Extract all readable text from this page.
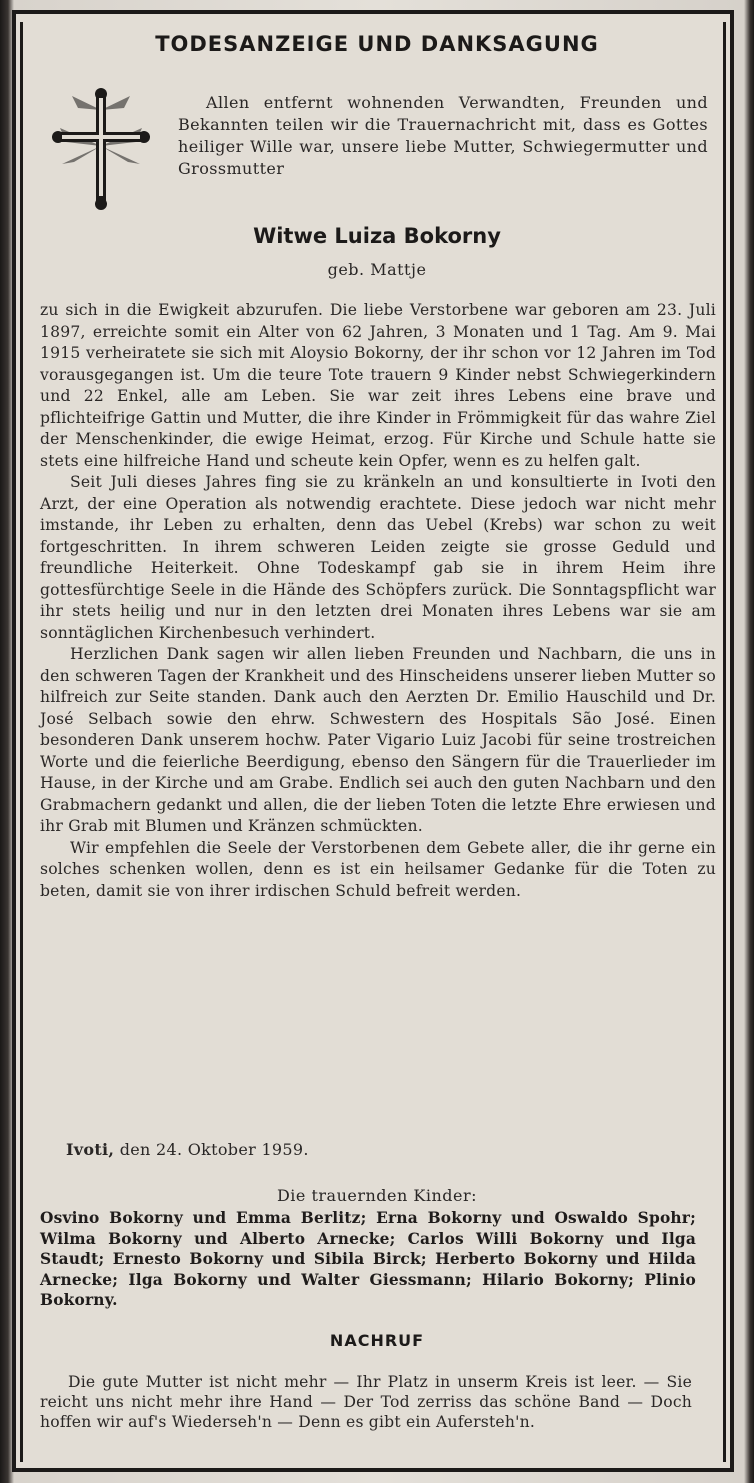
TODESANZEIGE UND DANKSAGUNG
Allen entfernt wohnenden Verwandten, Freunden und Bekannten teilen wir die Trauernachricht mit, dass es Gottes heiliger Wille war, unsere liebe Mutter, Schwiegermutter und Grossmutter
Witwe Luiza Bokorny
geb. Mattje

zu sich in die Ewigkeit abzurufen. Die liebe Verstorbene war geboren am 23. Juli 1897, erreichte somit ein Alter von 62 Jahren, 3 Monaten und 1 Tag. Am 9. Mai 1915 verheiratete sie sich mit Aloysio Bokorny, der ihr schon vor 12 Jahren im Tod vorausgegangen ist. Um die teure Tote trauern 9 Kinder nebst Schwiegerkindern und 22 Enkel, alle am Leben. Sie war zeit ihres Lebens eine brave und pflichteifrige Gattin und Mutter, die ihre Kinder in Frömmigkeit für das wahre Ziel der Menschenkinder, die ewige Heimat, erzog. Für Kirche und Schule hatte sie stets eine hilfreiche Hand und scheute kein Opfer, wenn es zu helfen galt.

Seit Juli dieses Jahres fing sie zu kränkeln an und konsultierte in Ivoti den Arzt, der eine Operation als notwendig erachtete. Diese jedoch war nicht mehr imstande, ihr Leben zu erhalten, denn das Uebel (Krebs) war schon zu weit fortgeschritten. In ihrem schweren Leiden zeigte sie grosse Geduld und freundliche Heiterkeit. Ohne Todeskampf gab sie in ihrem Heim ihre gottesfürchtige Seele in die Hände des Schöpfers zurück. Die Sonntagspflicht war ihr stets heilig und nur in den letzten drei Monaten ihres Lebens war sie am sonntäglichen Kirchenbesuch verhindert.

Herzlichen Dank sagen wir allen lieben Freunden und Nachbarn, die uns in den schweren Tagen der Krankheit und des Hinscheidens unserer lieben Mutter so hilfreich zur Seite standen. Dank auch den Aerzten Dr. Emilio Hauschild und Dr. José Selbach sowie den ehrw. Schwestern des Hospitals São José. Einen besonderen Dank unserem hochw. Pater Vigario Luiz Jacobi für seine trostreichen Worte und die feierliche Beerdigung, ebenso den Sängern für die Trauerlieder im Hause, in der Kirche und am Grabe. Endlich sei auch den guten Nachbarn und den Grabmachern gedankt und allen, die der lieben Toten die letzte Ehre erwiesen und ihr Grab mit Blumen und Kränzen schmückten.

Wir empfehlen die Seele der Verstorbenen dem Gebete aller, die ihr gerne ein solches schenken wollen, denn es ist ein heilsamer Gedanke für die Toten zu beten, damit sie von ihrer irdischen Schuld befreit werden.

Ivoti, den 24. Oktober 1959.
Die trauernden Kinder:
Osvino Bokorny und Emma Berlitz; Erna Bokorny und Oswaldo Spohr; Wilma Bokorny und Alberto Arnecke; Carlos Willi Bokorny und Ilga Staudt; Ernesto Bokorny und Sibila Birck; Herberto Bokorny und Hilda Arnecke; Ilga Bokorny und Walter Giessmann; Hilario Bokorny; Plinio Bokorny.
NACHRUF
Die gute Mutter ist nicht mehr — Ihr Platz in unserm Kreis ist leer. — Sie reicht uns nicht mehr ihre Hand — Der Tod zerriss das schöne Band — Doch hoffen wir auf's Wiederseh'n — Denn es gibt ein Aufersteh'n.
